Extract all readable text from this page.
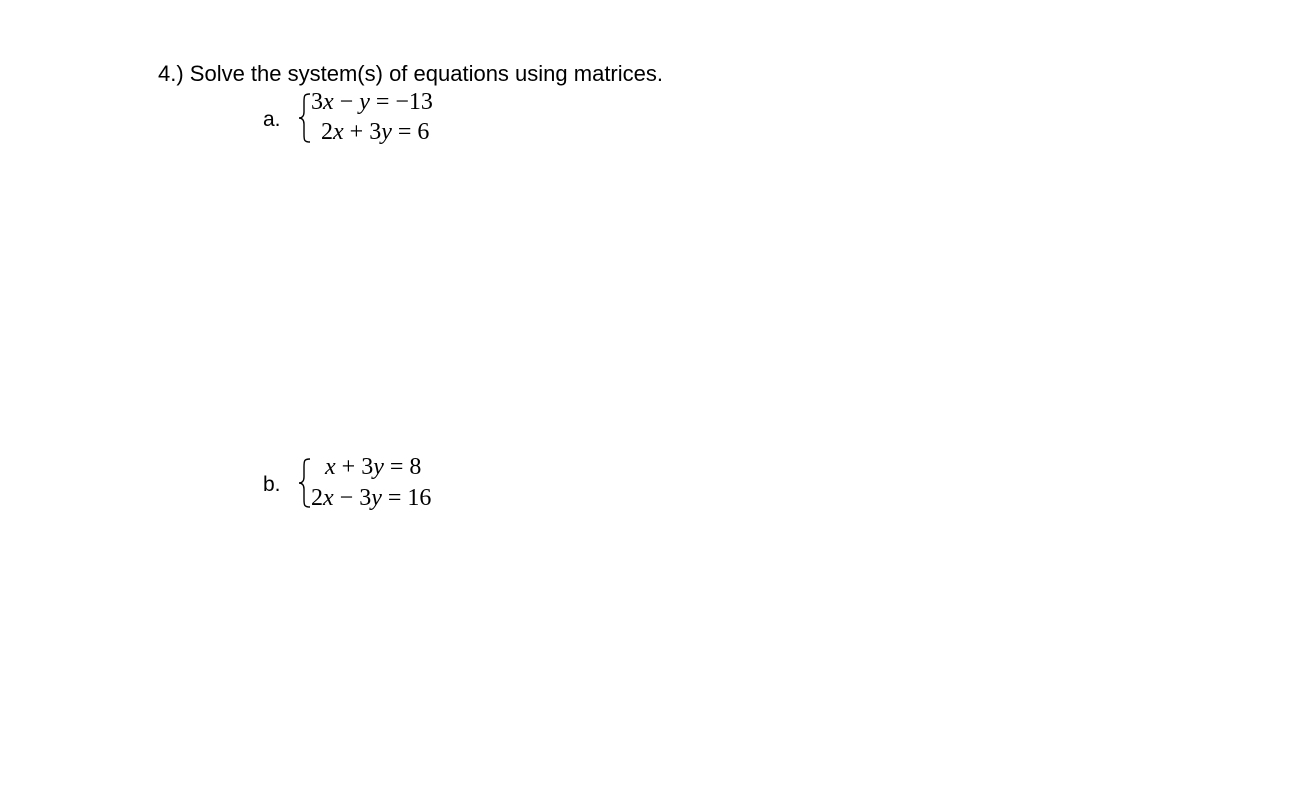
4.) Solve the system(s) of equations using matrices.
a.
3x − y = −13
2x + 3y = 6
b.
x + 3y = 8
2x − 3y = 16
